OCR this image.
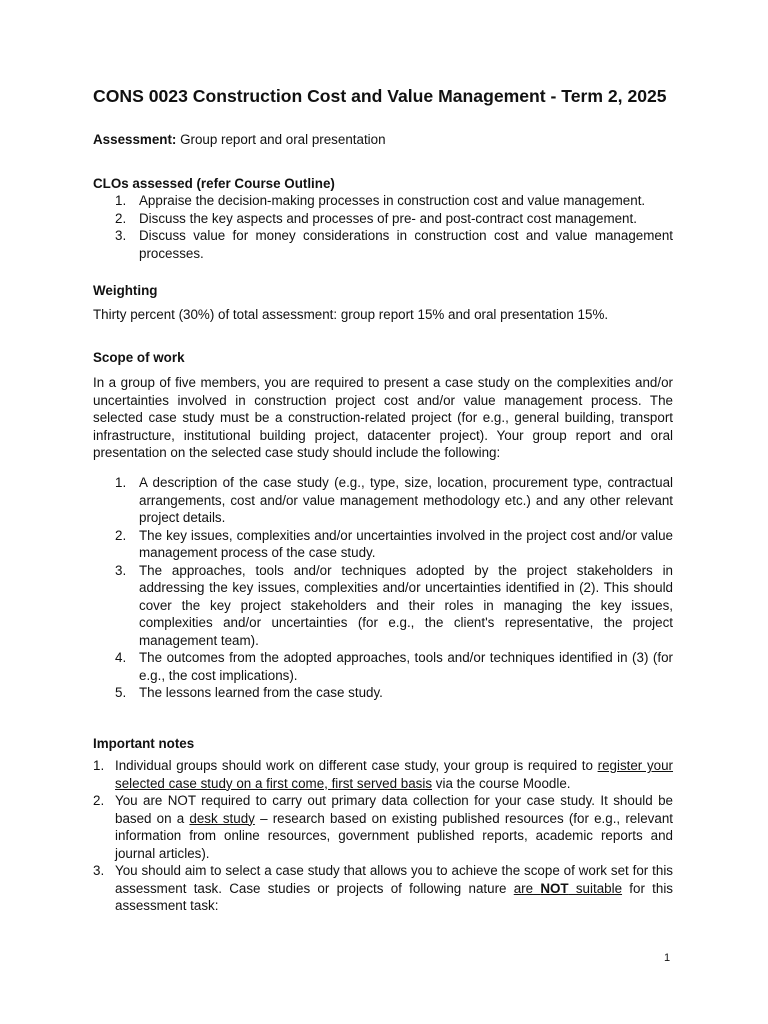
CONS 0023 Construction Cost and Value Management - Term 2, 2025

Assessment: Group report and oral presentation

CLOs assessed (refer Course Outline)

1. Appraise the decision-making processes in construction cost and value management.
2. Discuss the key aspects and processes of pre- and post-contract cost management.
3. Discuss value for money considerations in construction cost and value management processes.

Weighting

Thirty percent (30%) of total assessment: group report 15% and oral presentation 15%.

Scope of work

In a group of five members, you are required to present a case study on the complexities and/or uncertainties involved in construction project cost and/or value management process. The selected case study must be a construction-related project (for e.g., general building, transport infrastructure, institutional building project, datacenter project). Your group report and oral presentation on the selected case study should include the following:

1. A description of the case study (e.g., type, size, location, procurement type, contractual arrangements, cost and/or value management methodology etc.) and any other relevant project details.
2. The key issues, complexities and/or uncertainties involved in the project cost and/or value management process of the case study.
3. The approaches, tools and/or techniques adopted by the project stakeholders in addressing the key issues, complexities and/or uncertainties identified in (2). This should cover the key project stakeholders and their roles in managing the key issues, complexities and/or uncertainties (for e.g., the client's representative, the project management team).
4. The outcomes from the adopted approaches, tools and/or techniques identified in (3) (for e.g., the cost implications).
5. The lessons learned from the case study.

Important notes

1. Individual groups should work on different case study, your group is required to register your selected case study on a first come, first served basis via the course Moodle.
2. You are NOT required to carry out primary data collection for your case study. It should be based on a desk study – research based on existing published resources (for e.g., relevant information from online resources, government published reports, academic reports and journal articles).
3. You should aim to select a case study that allows you to achieve the scope of work set for this assessment task. Case studies or projects of following nature are NOT suitable for this assessment task:

1
